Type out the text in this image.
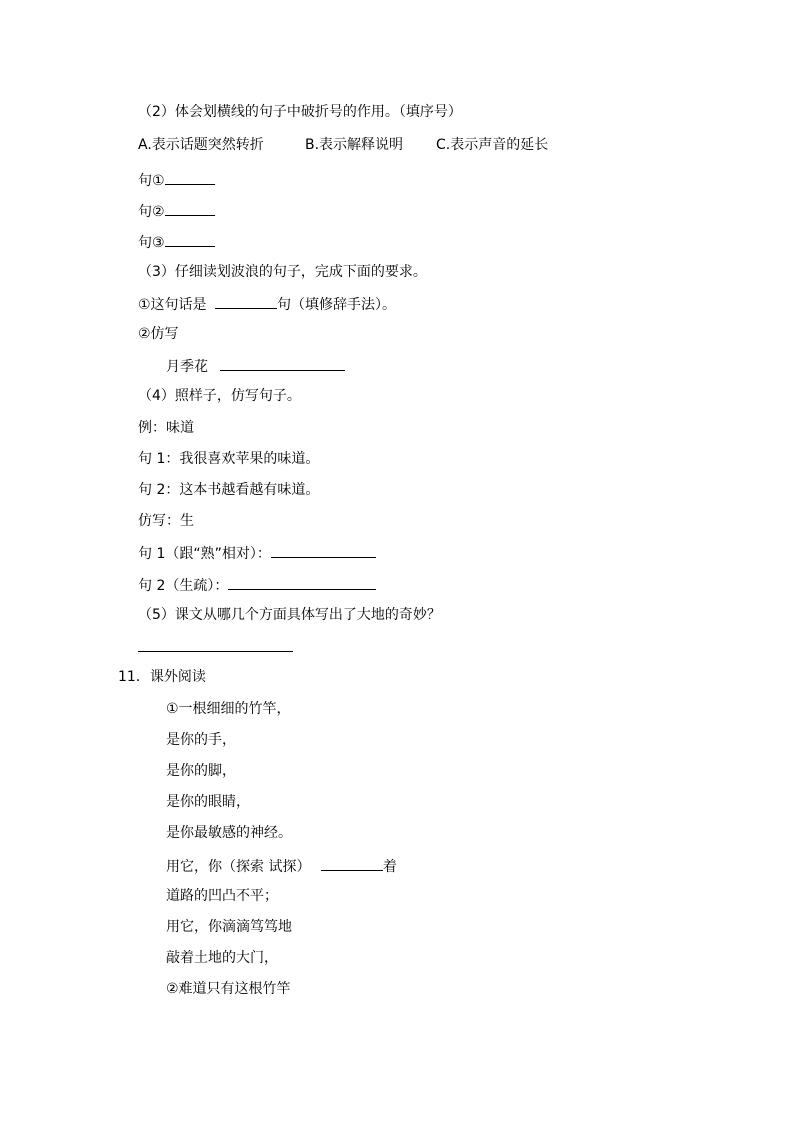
（2）体会划横线的句子中破折号的作用。（填序号）
A.表示话题突然转折	B.表示解释说明 C.表示声音的延长
句①
句②
句③
（3）仔细读划波浪的句子，完成下面的要求。
①这句话是	句（填修辞手法）。
②仿写
月季花
（4）照样子，仿写句子。
例：味道
句 1：我很喜欢苹果的味道。
句 2：这本书越看越有味道。
仿写：生
句 1（跟“熟”相对）：
句 2（生疏）：
（5）课文从哪几个方面具体写出了大地的奇妙？
11．课外阅读
①一根细细的竹竿，
是你的手，
是你的脚，
是你的眼睛，
是你最敏感的神经。
用它，你（探索 试探）	着
道路的凹凸不平；
用它，你滴滴笃笃地
敲着土地的大门，
②难道只有这根竹竿
